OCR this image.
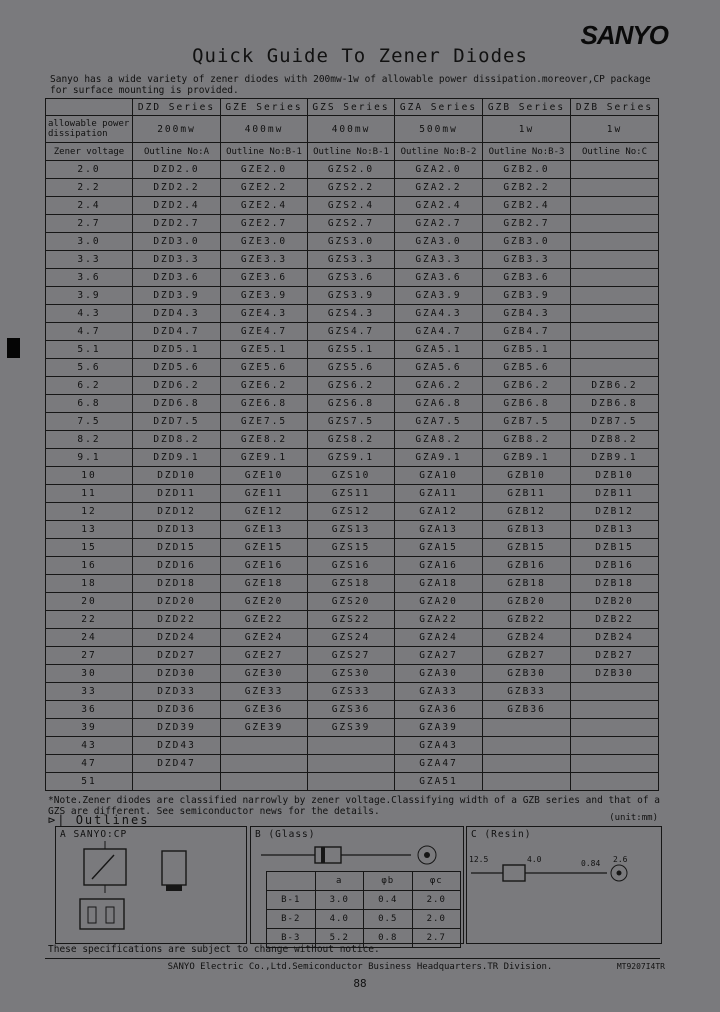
SANYO
Quick Guide To Zener Diodes
Sanyo has a wide variety of zener diodes with 200mw-1w of allowable power dissipation.moreover,CP package for surface mounting is provided.
	DZD Series	GZE Series	GZS Series	GZA Series	GZB Series	DZB Series
allowable power dissipation	200mw	400mw	400mw	500mw	1w	1w
Zener voltage	Outline No:A	Outline No:B-1	Outline No:B-1	Outline No:B-2	Outline No:B-3	Outline No:C
2.0	DZD2.0	GZE2.0	GZS2.0	GZA2.0	GZB2.0	
2.2	DZD2.2	GZE2.2	GZS2.2	GZA2.2	GZB2.2	
2.4	DZD2.4	GZE2.4	GZS2.4	GZA2.4	GZB2.4	
2.7	DZD2.7	GZE2.7	GZS2.7	GZA2.7	GZB2.7	
3.0	DZD3.0	GZE3.0	GZS3.0	GZA3.0	GZB3.0	
3.3	DZD3.3	GZE3.3	GZS3.3	GZA3.3	GZB3.3	
3.6	DZD3.6	GZE3.6	GZS3.6	GZA3.6	GZB3.6	
3.9	DZD3.9	GZE3.9	GZS3.9	GZA3.9	GZB3.9	
4.3	DZD4.3	GZE4.3	GZS4.3	GZA4.3	GZB4.3	
4.7	DZD4.7	GZE4.7	GZS4.7	GZA4.7	GZB4.7	
5.1	DZD5.1	GZE5.1	GZS5.1	GZA5.1	GZB5.1	
5.6	DZD5.6	GZE5.6	GZS5.6	GZA5.6	GZB5.6	
6.2	DZD6.2	GZE6.2	GZS6.2	GZA6.2	GZB6.2	DZB6.2
6.8	DZD6.8	GZE6.8	GZS6.8	GZA6.8	GZB6.8	DZB6.8
7.5	DZD7.5	GZE7.5	GZS7.5	GZA7.5	GZB7.5	DZB7.5
8.2	DZD8.2	GZE8.2	GZS8.2	GZA8.2	GZB8.2	DZB8.2
9.1	DZD9.1	GZE9.1	GZS9.1	GZA9.1	GZB9.1	DZB9.1
10	DZD10	GZE10	GZS10	GZA10	GZB10	DZB10
11	DZD11	GZE11	GZS11	GZA11	GZB11	DZB11
12	DZD12	GZE12	GZS12	GZA12	GZB12	DZB12
13	DZD13	GZE13	GZS13	GZA13	GZB13	DZB13
15	DZD15	GZE15	GZS15	GZA15	GZB15	DZB15
16	DZD16	GZE16	GZS16	GZA16	GZB16	DZB16
18	DZD18	GZE18	GZS18	GZA18	GZB18	DZB18
20	DZD20	GZE20	GZS20	GZA20	GZB20	DZB20
22	DZD22	GZE22	GZS22	GZA22	GZB22	DZB22
24	DZD24	GZE24	GZS24	GZA24	GZB24	DZB24
27	DZD27	GZE27	GZS27	GZA27	GZB27	DZB27
30	DZD30	GZE30	GZS30	GZA30	GZB30	DZB30
33	DZD33	GZE33	GZS33	GZA33	GZB33	
36	DZD36	GZE36	GZS36	GZA36	GZB36	
39	DZD39	GZE39	GZS39	GZA39		
43	DZD43			GZA43		
47	DZD47			GZA47		
51				GZA51		
*Note.Zener diodes are classified narrowly by zener voltage.Classifying width of a GZB series and that of a GZS are different. See semiconductor news for the details.
⊳| Outlines	(unit:mm)
A SANYO:CP	B (Glass)
	a	φb	φc
B-1	3.0	0.4	2.0
B-2	4.0	0.5	2.0
B-3	5.2	0.8	2.7
C (Resin)
12.5	4.0	0.84 2.6
These specifications are subject to change without notice.
SANYO Electric Co.,Ltd.Semiconductor Business Headquarters.TR Division.	MT9207I4TR
88
